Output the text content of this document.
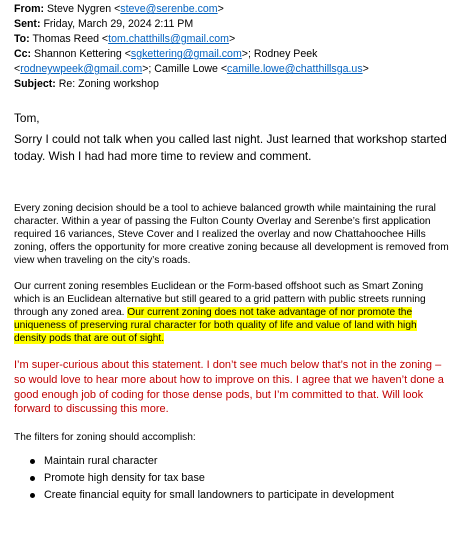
From: Steve Nygren <steve@serenbe.com>
Sent: Friday, March 29, 2024 2:11 PM
To: Thomas Reed <tom.chatthills@gmail.com>
Cc: Shannon Kettering <sgkettering@gmail.com>; Rodney Peek
<rodneywpeek@gmail.com>; Camille Lowe <camille.lowe@chatthillsga.us>
Subject: Re: Zoning workshop
Tom,
Sorry I could not talk when you called last night. Just learned that workshop started today. Wish I had had more time to review and comment.
Every zoning decision should be a tool to achieve balanced growth while maintaining the rural character. Within a year of passing the Fulton County Overlay and Serenbe’s first application required 16 variances, Steve Cover and I realized the overlay and now Chattahoochee Hills zoning, offers the opportunity for more creative zoning because all development is removed from view when traveling on the city’s roads.
Our current zoning resembles Euclidean or the Form-based offshoot such as Smart Zoning which is an Euclidean alternative but still geared to a grid pattern with public streets running through any zoned area. Our current zoning does not take advantage of nor promote the uniqueness of preserving rural character for both quality of life and value of land with high density pods that are out of sight.
I’m super-curious about this statement. I don’t see much below that’s not in the zoning – so would love to hear more about how to improve on this. I agree that we haven’t done a good enough job of coding for those dense pods, but I’m committed to that. Will look forward to discussing this more.
The filters for zoning should accomplish:
Maintain rural character
Promote high density for tax base
Create financial equity for small landowners to participate in development
